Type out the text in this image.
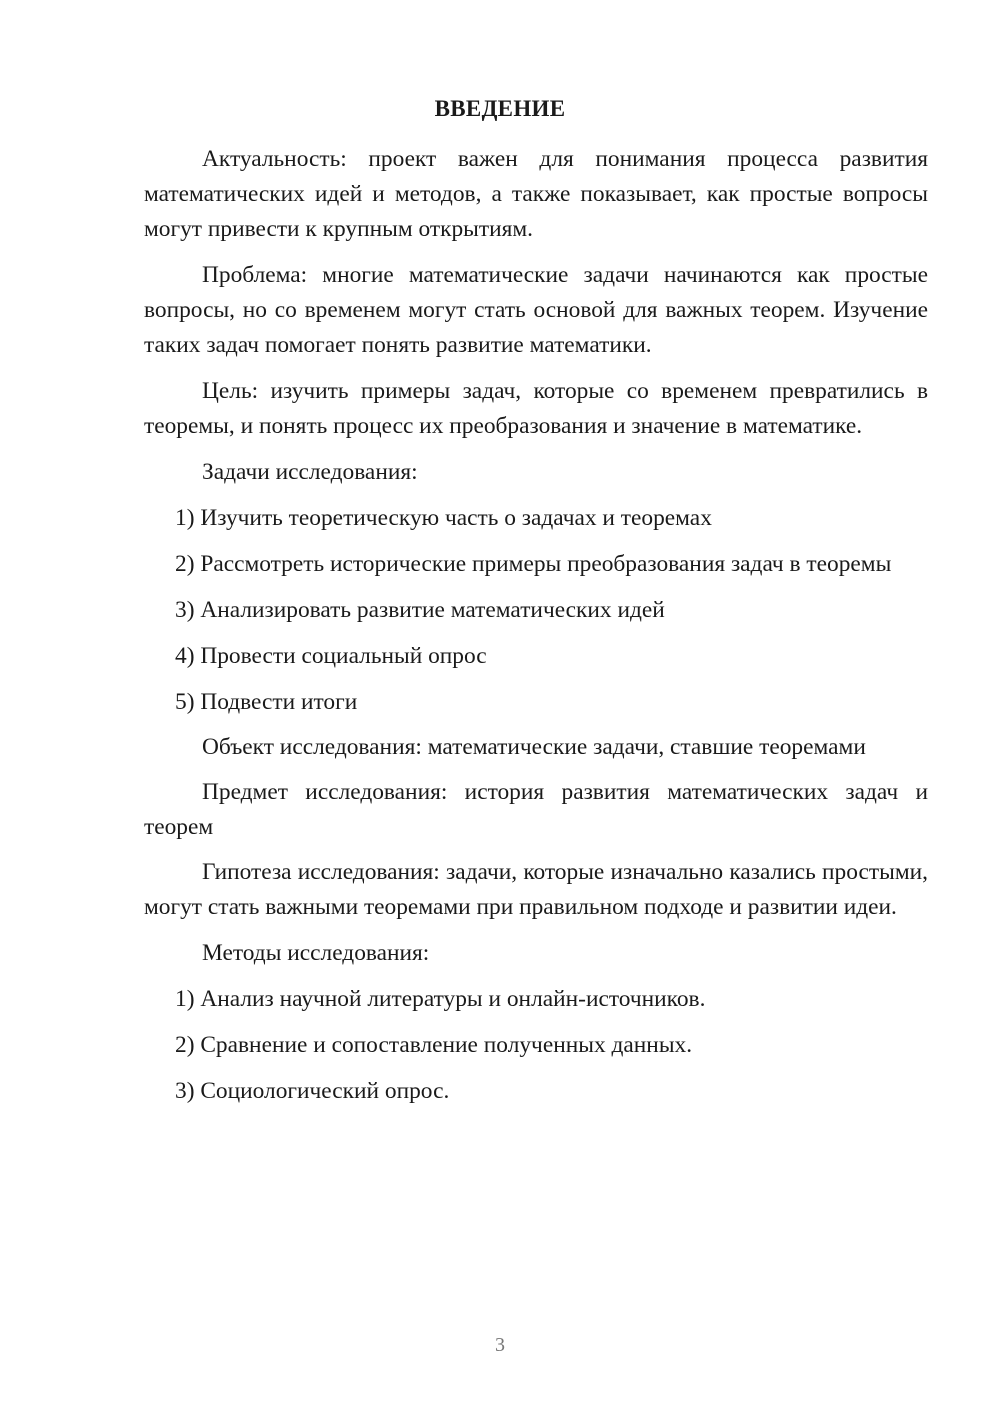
ВВЕДЕНИЕ

Актуальность: проект важен для понимания процесса развития математических идей и методов, а также показывает, как простые вопросы могут привести к крупным открытиям.

Проблема: многие математические задачи начинаются как простые вопросы, но со временем могут стать основой для важных теорем. Изучение таких задач помогает понять развитие математики.

Цель: изучить примеры задач, которые со временем превратились в теоремы, и понять процесс их преобразования и значение в математике.

Задачи исследования:

1) Изучить теоретическую часть о задачах и теоремах

2) Рассмотреть исторические примеры преобразования задач в теоремы

3) Анализировать развитие математических идей

4) Провести социальный опрос

5) Подвести итоги

Объект исследования: математические задачи, ставшие теоремами

Предмет исследования: история развития математических задач и теорем

Гипотеза исследования: задачи, которые изначально казались простыми, могут стать важными теоремами при правильном подходе и развитии идеи.

Методы исследования:

1) Анализ научной литературы и онлайн-источников.

2) Сравнение и сопоставление полученных данных.

3) Социологический опрос.

3
